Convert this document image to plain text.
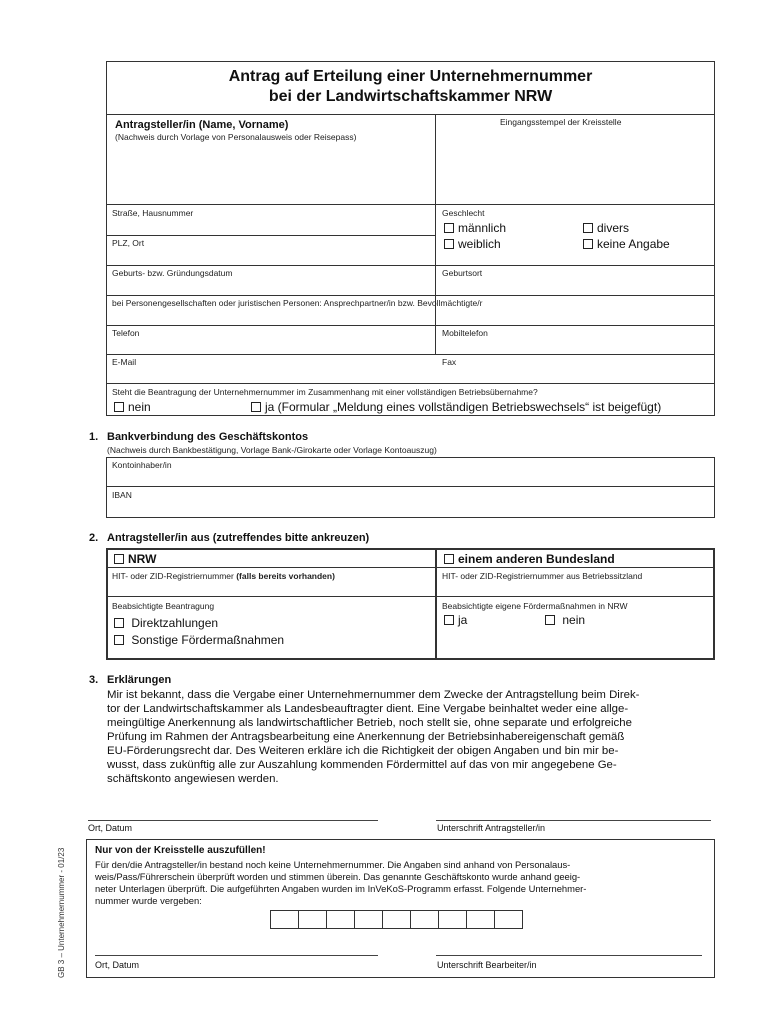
Antrag auf Erteilung einer Unternehmernummer
bei der Landwirtschaftskammer NRW
Antragsteller/in (Name, Vorname)
(Nachweis durch Vorlage von Personalausweis oder Reisepass)
Eingangsstempel der Kreisstelle
Straße, Hausnummer	Geschlecht
männlich	divers
weiblich	keine Angabe
PLZ, Ort
Geburts- bzw. Gründungsdatum	Geburtsort
bei Personengesellschaften oder juristischen Personen: Ansprechpartner/in bzw. Bevollmächtigte/r
Telefon	Mobiltelefon
E-Mail	Fax
Steht die Beantragung der Unternehmernummer im Zusammenhang mit einer vollständigen Betriebsübernahme?
nein	ja (Formular „Meldung eines vollständigen Betriebswechsels“ ist beigefügt)
1. Bankverbindung des Geschäftskontos
(Nachweis durch Bankbestätigung, Vorlage Bank-/Girokarte oder Vorlage Kontoauszug)
Kontoinhaber/in
IBAN
2. Antragsteller/in aus (zutreffendes bitte ankreuzen)
NRW	einem anderen Bundesland
HIT- oder ZID-Registriernummer (falls bereits vorhanden)	HIT- oder ZID-Registriernummer aus Betriebssitzland
Beabsichtigte Beantragung	Beabsichtigte eigene Fördermaßnahmen in NRW
Direktzahlungen
Sonstige Fördermaßnahmen
ja	nein
3. Erklärungen
Mir ist bekannt, dass die Vergabe einer Unternehmernummer dem Zwecke der Antragstellung beim Direk-
tor der Landwirtschaftskammer als Landesbeauftragter dient. Eine Vergabe beinhaltet weder eine allge-
meingültige Anerkennung als landwirtschaftlicher Betrieb, noch stellt sie, ohne separate und erfolgreiche
Prüfung im Rahmen der Antragsbearbeitung eine Anerkennung der Betriebsinhabereigenschaft gemäß
EU-Förderungsrecht dar. Des Weiteren erkläre ich die Richtigkeit der obigen Angaben und bin mir be-
wusst, dass zukünftig alle zur Auszahlung kommenden Fördermittel auf das von mir angegebene Ge-
schäftskonto angewiesen werden.
Ort, Datum	Unterschrift Antragsteller/in
Nur von der Kreisstelle auszufüllen!
Für den/die Antragsteller/in bestand noch keine Unternehmernummer. Die Angaben sind anhand von Personalaus-
weis/Pass/Führerschein überprüft worden und stimmen überein. Das genannte Geschäftskonto wurde anhand geeig-
neter Unterlagen überprüft. Die aufgeführten Angaben wurden im InVeKoS-Programm erfasst. Folgende Unternehmer-
nummer wurde vergeben:
Ort, Datum	Unterschrift Bearbeiter/in
GB 3 – Unternehmernummer - 01/23
